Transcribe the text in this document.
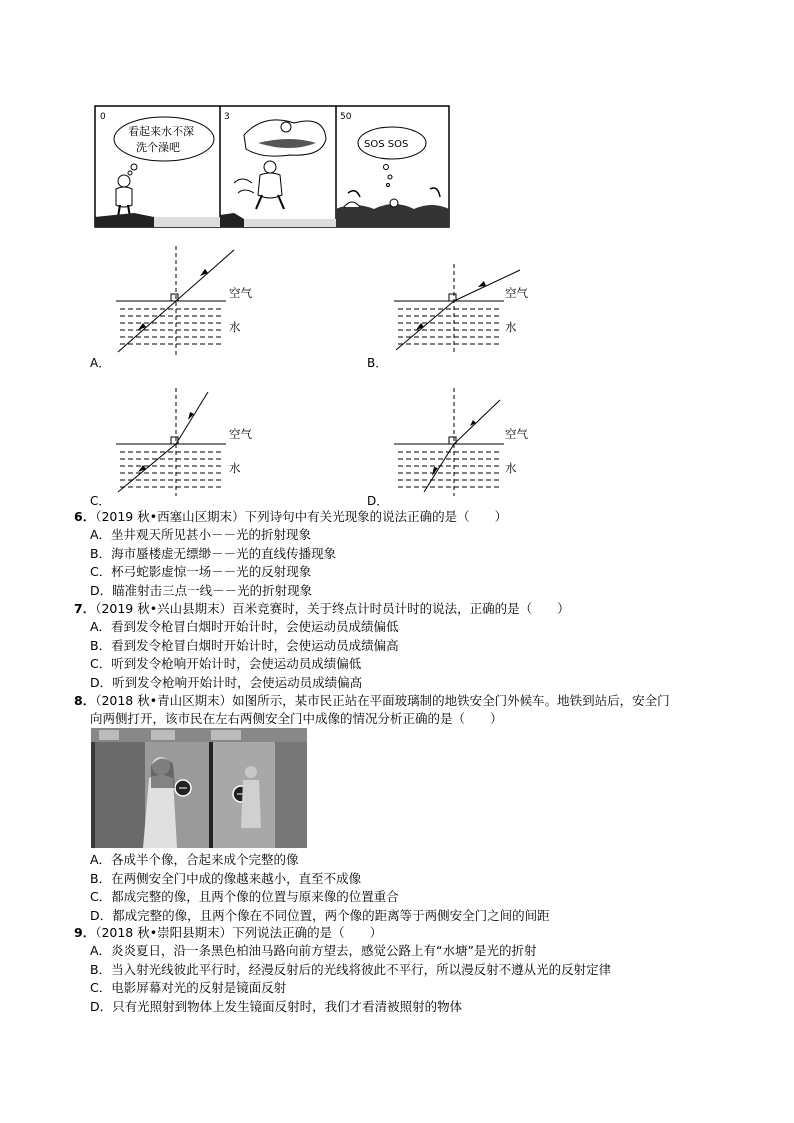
0
看起来水不深
洗个澡吧
3	50
SOS SOS
空气
水
A．
空气
水
B．
空气
水
C．
空气
水
D．
6．（2019 秋•西塞山区期末）下列诗句中有关光现象的说法正确的是（　　）
A．坐井观天所见甚小－－光的折射现象
B．海市蜃楼虚无缥缈－－光的直线传播现象
C．杯弓蛇影虚惊一场－－光的反射现象
D．瞄准射击三点一线－－光的折射现象
7．（2019 秋•兴山县期末）百米竞赛时，关于终点计时员计时的说法，正确的是（　　）
A．看到发令枪冒白烟时开始计时，会使运动员成绩偏低
B．看到发令枪冒白烟时开始计时，会使运动员成绩偏高
C．听到发令枪响开始计时，会使运动员成绩偏低
D．听到发令枪响开始计时，会使运动员成绩偏高
8．（2018 秋•青山区期末）如图所示，某市民正站在平面玻璃制的地铁安全门外候车。地铁到站后，安全门
向两侧打开，该市民在左右两侧安全门中成像的情况分析正确的是（　　）
A．各成半个像，合起来成个完整的像
B．在两侧安全门中成的像越来越小，直至不成像
C．都成完整的像，且两个像的位置与原来像的位置重合
D．都成完整的像，且两个像在不同位置，两个像的距离等于两侧安全门之间的间距
9．（2018 秋•崇阳县期末）下列说法正确的是（　　）
A．炎炎夏日，沿一条黑色柏油马路向前方望去，感觉公路上有“水塘”是光的折射
B．当入射光线彼此平行时，经漫反射后的光线将彼此不平行，所以漫反射不遵从光的反射定律
C．电影屏幕对光的反射是镜面反射
D．只有光照射到物体上发生镜面反射时，我们才看清被照射的物体
